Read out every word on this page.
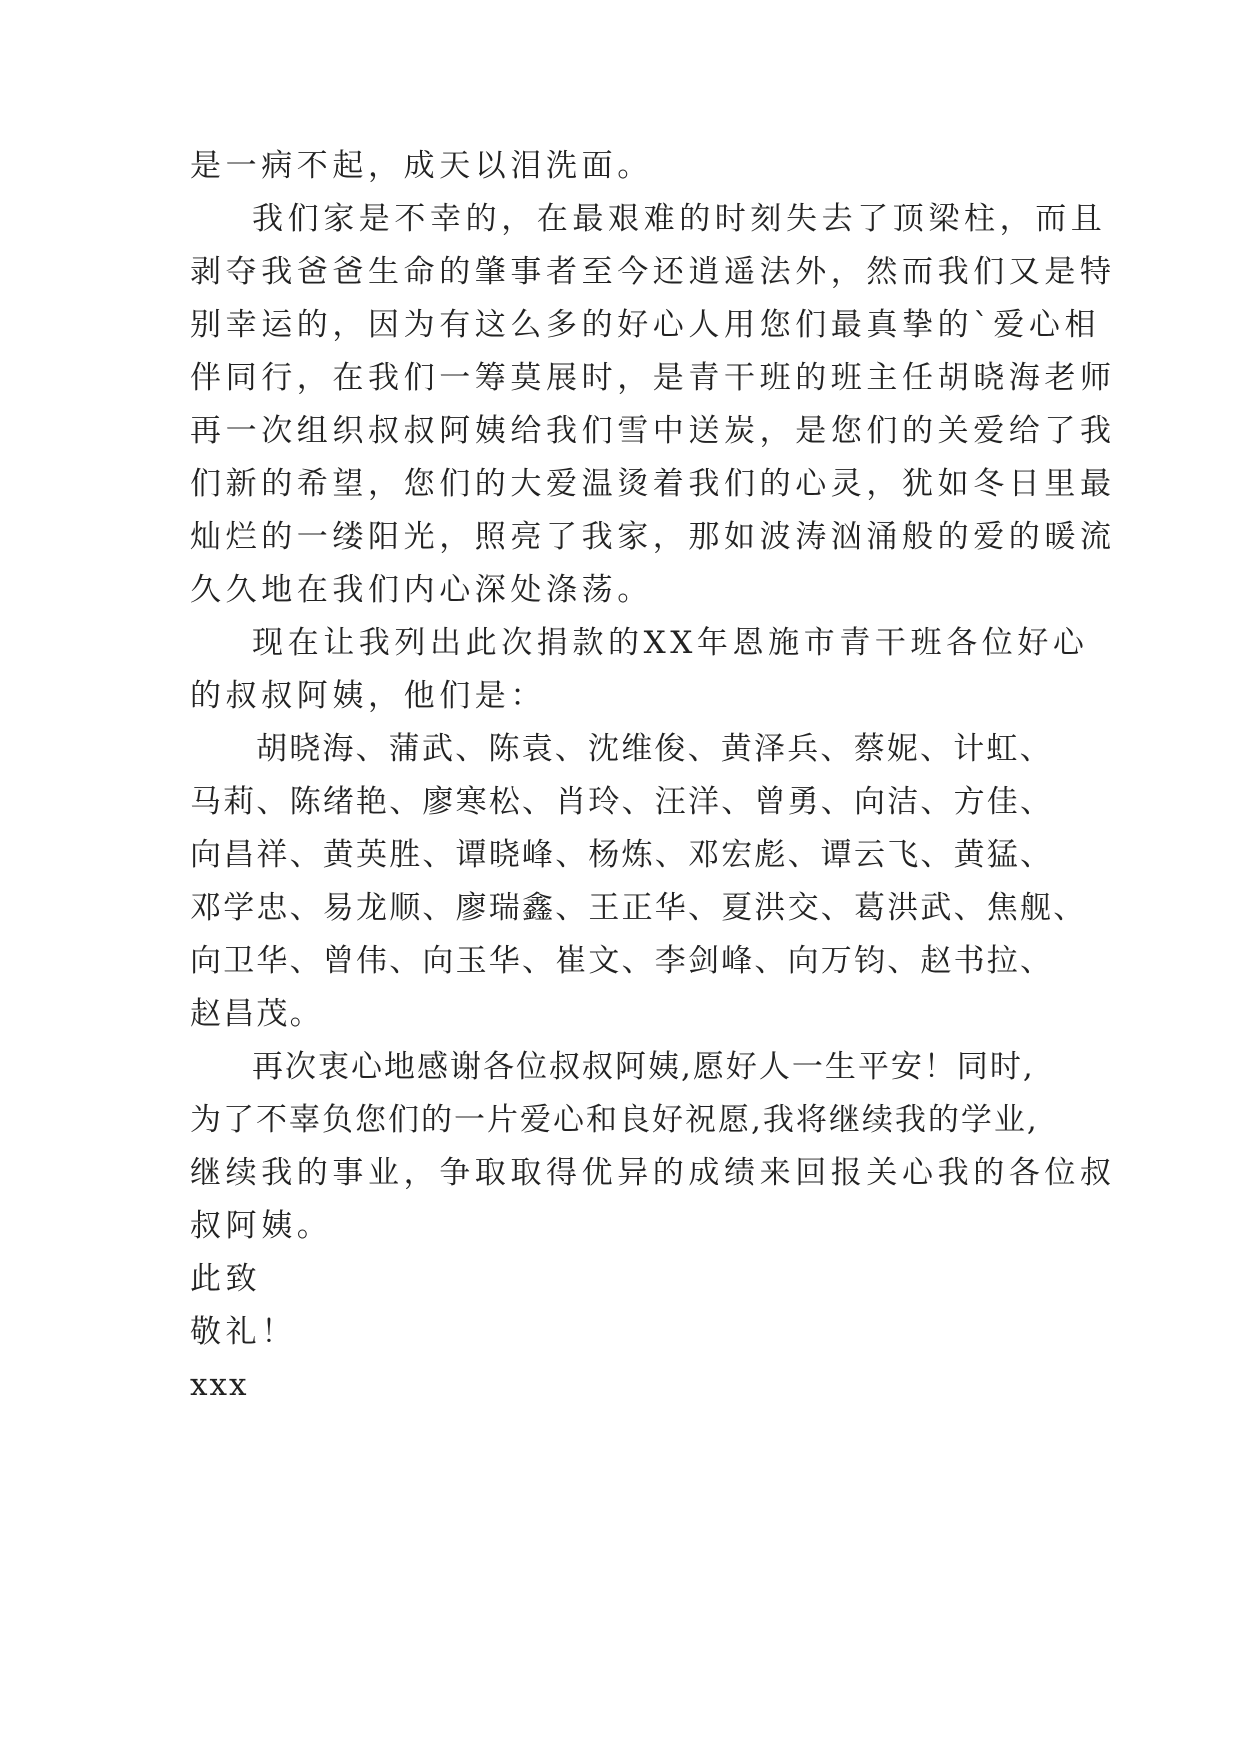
是一病不起，成天以泪洗面。
我们家是不幸的，在最艰难的时刻失去了顶梁柱，而且
剥夺我爸爸生命的肇事者至今还逍遥法外，然而我们又是特
别幸运的，因为有这么多的好心人用您们最真挚的`爱心相
伴同行，在我们一筹莫展时，是青干班的班主任胡晓海老师
再一次组织叔叔阿姨给我们雪中送炭，是您们的关爱给了我
们新的希望，您们的大爱温烫着我们的心灵，犹如冬日里最
灿烂的一缕阳光，照亮了我家，那如波涛汹涌般的爱的暖流
久久地在我们内心深处涤荡。
现在让我列出此次捐款的XX年恩施市青干班各位好心
的叔叔阿姨，他们是：
胡晓海、蒲武、陈袁、沈维俊、黄泽兵、蔡妮、计虹、
马莉、陈绪艳、廖寒松、肖玲、汪洋、曾勇、向洁、方佳、
向昌祥、黄英胜、谭晓峰、杨炼、邓宏彪、谭云飞、黄猛、
邓学忠、易龙顺、廖瑞鑫、王正华、夏洪交、葛洪武、焦舰、
向卫华、曾伟、向玉华、崔文、李剑峰、向万钧、赵书拉、
赵昌茂。
再次衷心地感谢各位叔叔阿姨,愿好人一生平安！同时,
为了不辜负您们的一片爱心和良好祝愿,我将继续我的学业,
继续我的事业，争取取得优异的成绩来回报关心我的各位叔
叔阿姨。
此致
敬礼！
xxx
